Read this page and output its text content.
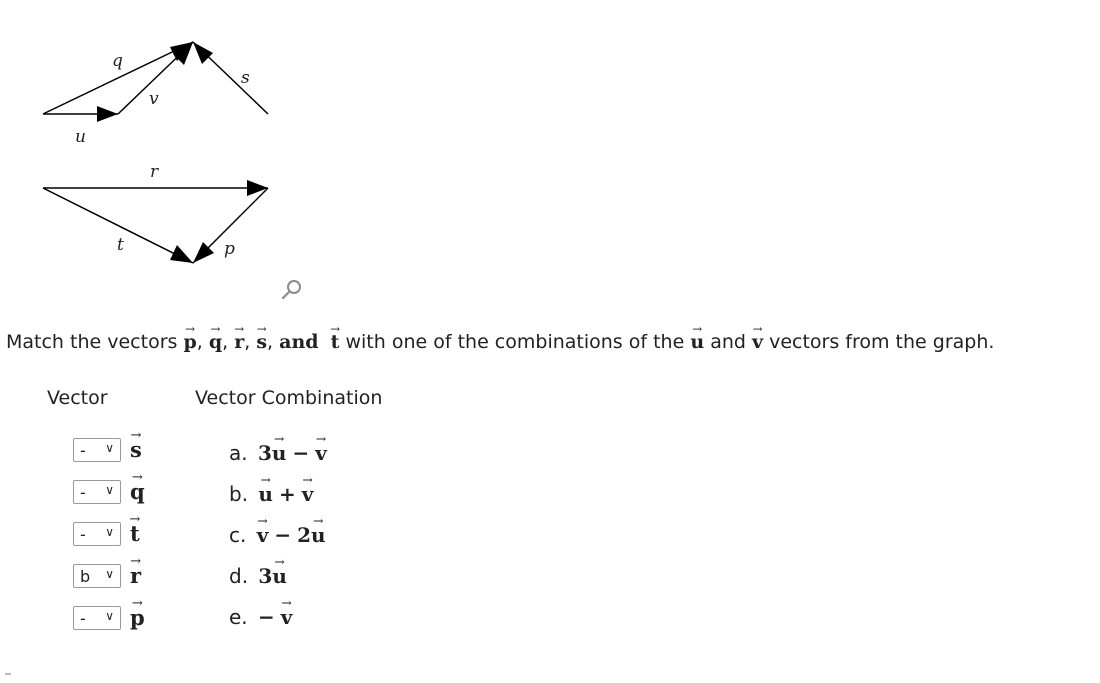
q
v
s
u
r
t	p
Match the vectors → p, → q, → r, → s, and → t with one of the combinations of the → u and → v vectors from the graph.
Vector	Vector Combination
- ∨ → s
- ∨ → q
- ∨ → t
b ∨ → r
- ∨ → p
a. 3→ u − → v
b. → u + → v
c. → v − 2→ u
d. 3→ u
e. − → v
